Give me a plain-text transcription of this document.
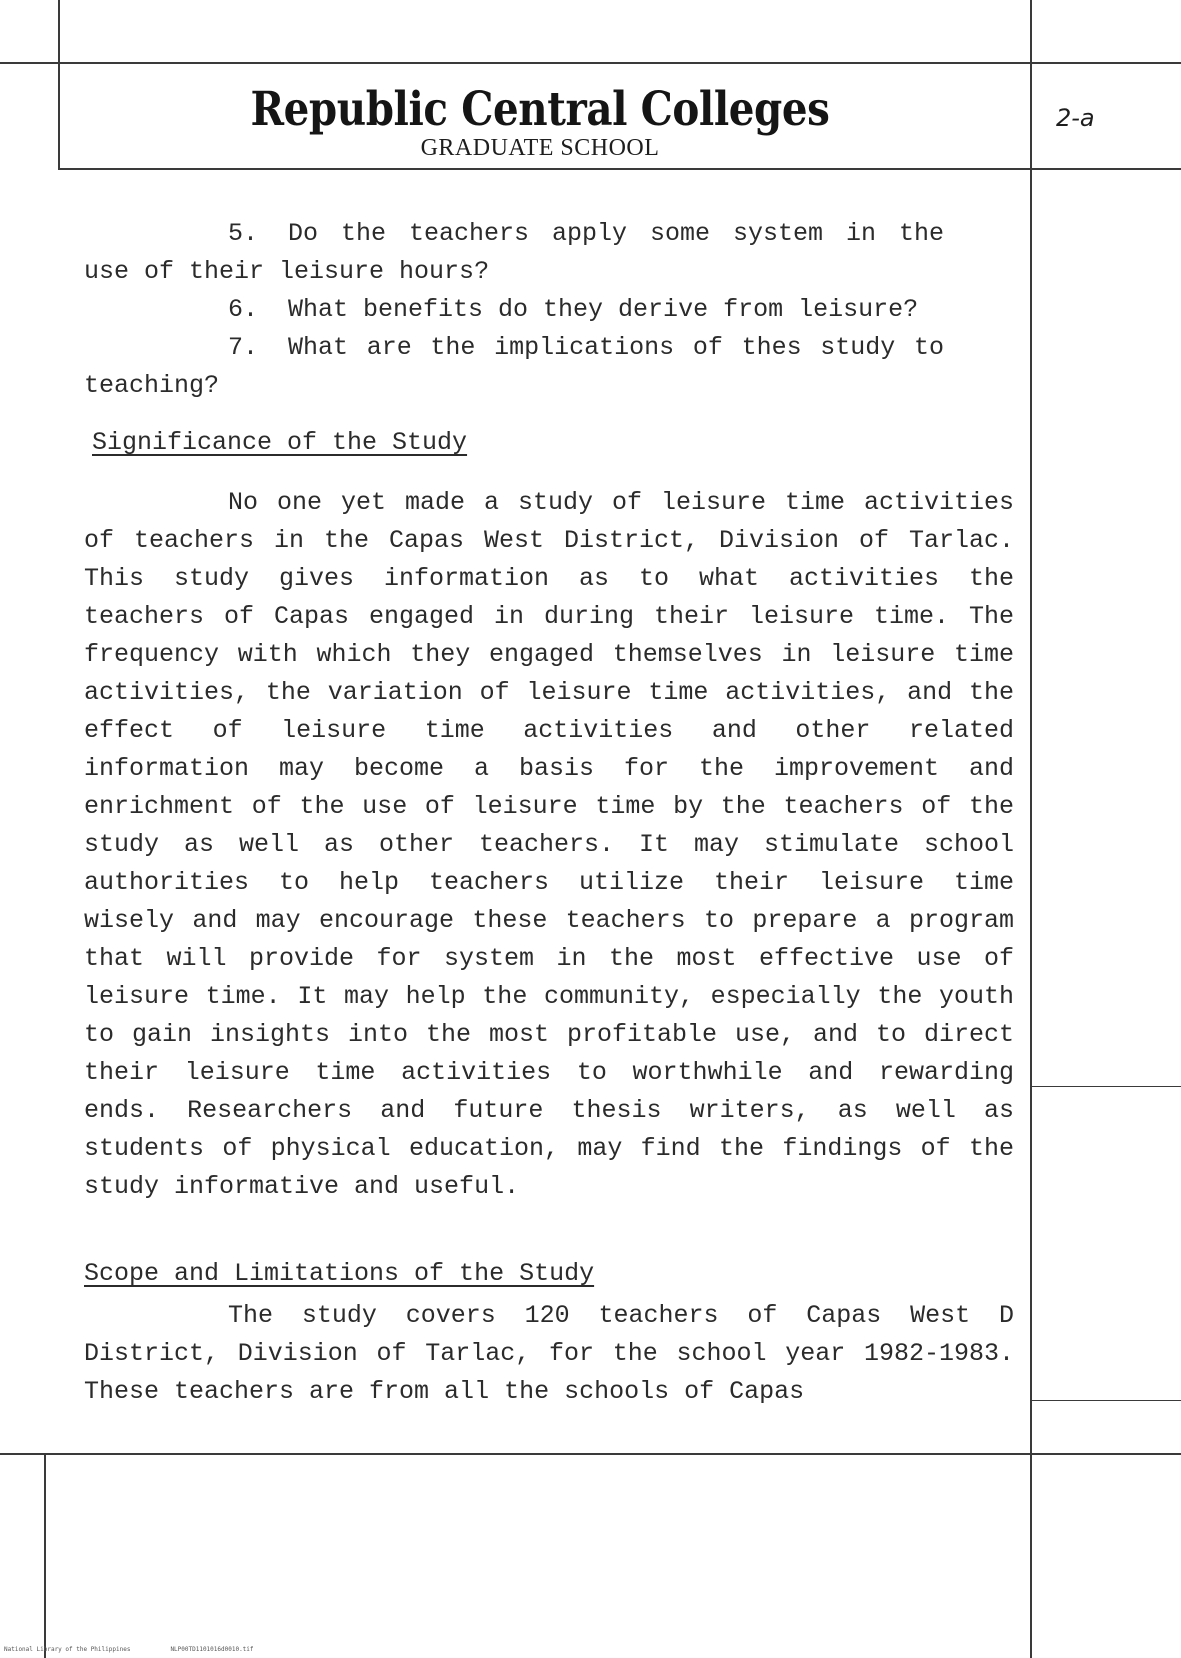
Republic Central Colleges
GRADUATE SCHOOL
2-a
5. Do the teachers apply some system in the use of their leisure hours?
6. What benefits do they derive from leisure?
7. What are the implications of thes study to teaching?
Significance of the Study

No one yet made a study of leisure time activities of teachers in the Capas West District, Division of Tarlac. This study gives information as to what activities the teachers of Capas engaged in during their leisure time. The frequency with which they engaged themselves in leisure time activities, the variation of leisure time activities, and the effect of leisure time activities and other related information may become a basis for the improvement and enrichment of the use of leisure time by the teachers of the study as well as other teachers. It may stimulate school authorities to help teachers utilize their leisure time wisely and may encourage these teachers to prepare a program that will provide for system in the most effective use of leisure time. It may help the community, especially the youth to gain insights into the most profitable use, and to direct their leisure time activities to worthwhile and rewarding ends. Researchers and future thesis writers, as well as students of physical education, may find the findings of the study informative and useful.

Scope and Limitations of the Study

The study covers 120 teachers of Capas West D District, Division of Tarlac, for the school year 1982-1983. These teachers are from all the schools of Capas

National Library of the Philippines	NLP00TD1101016d0010.tif
